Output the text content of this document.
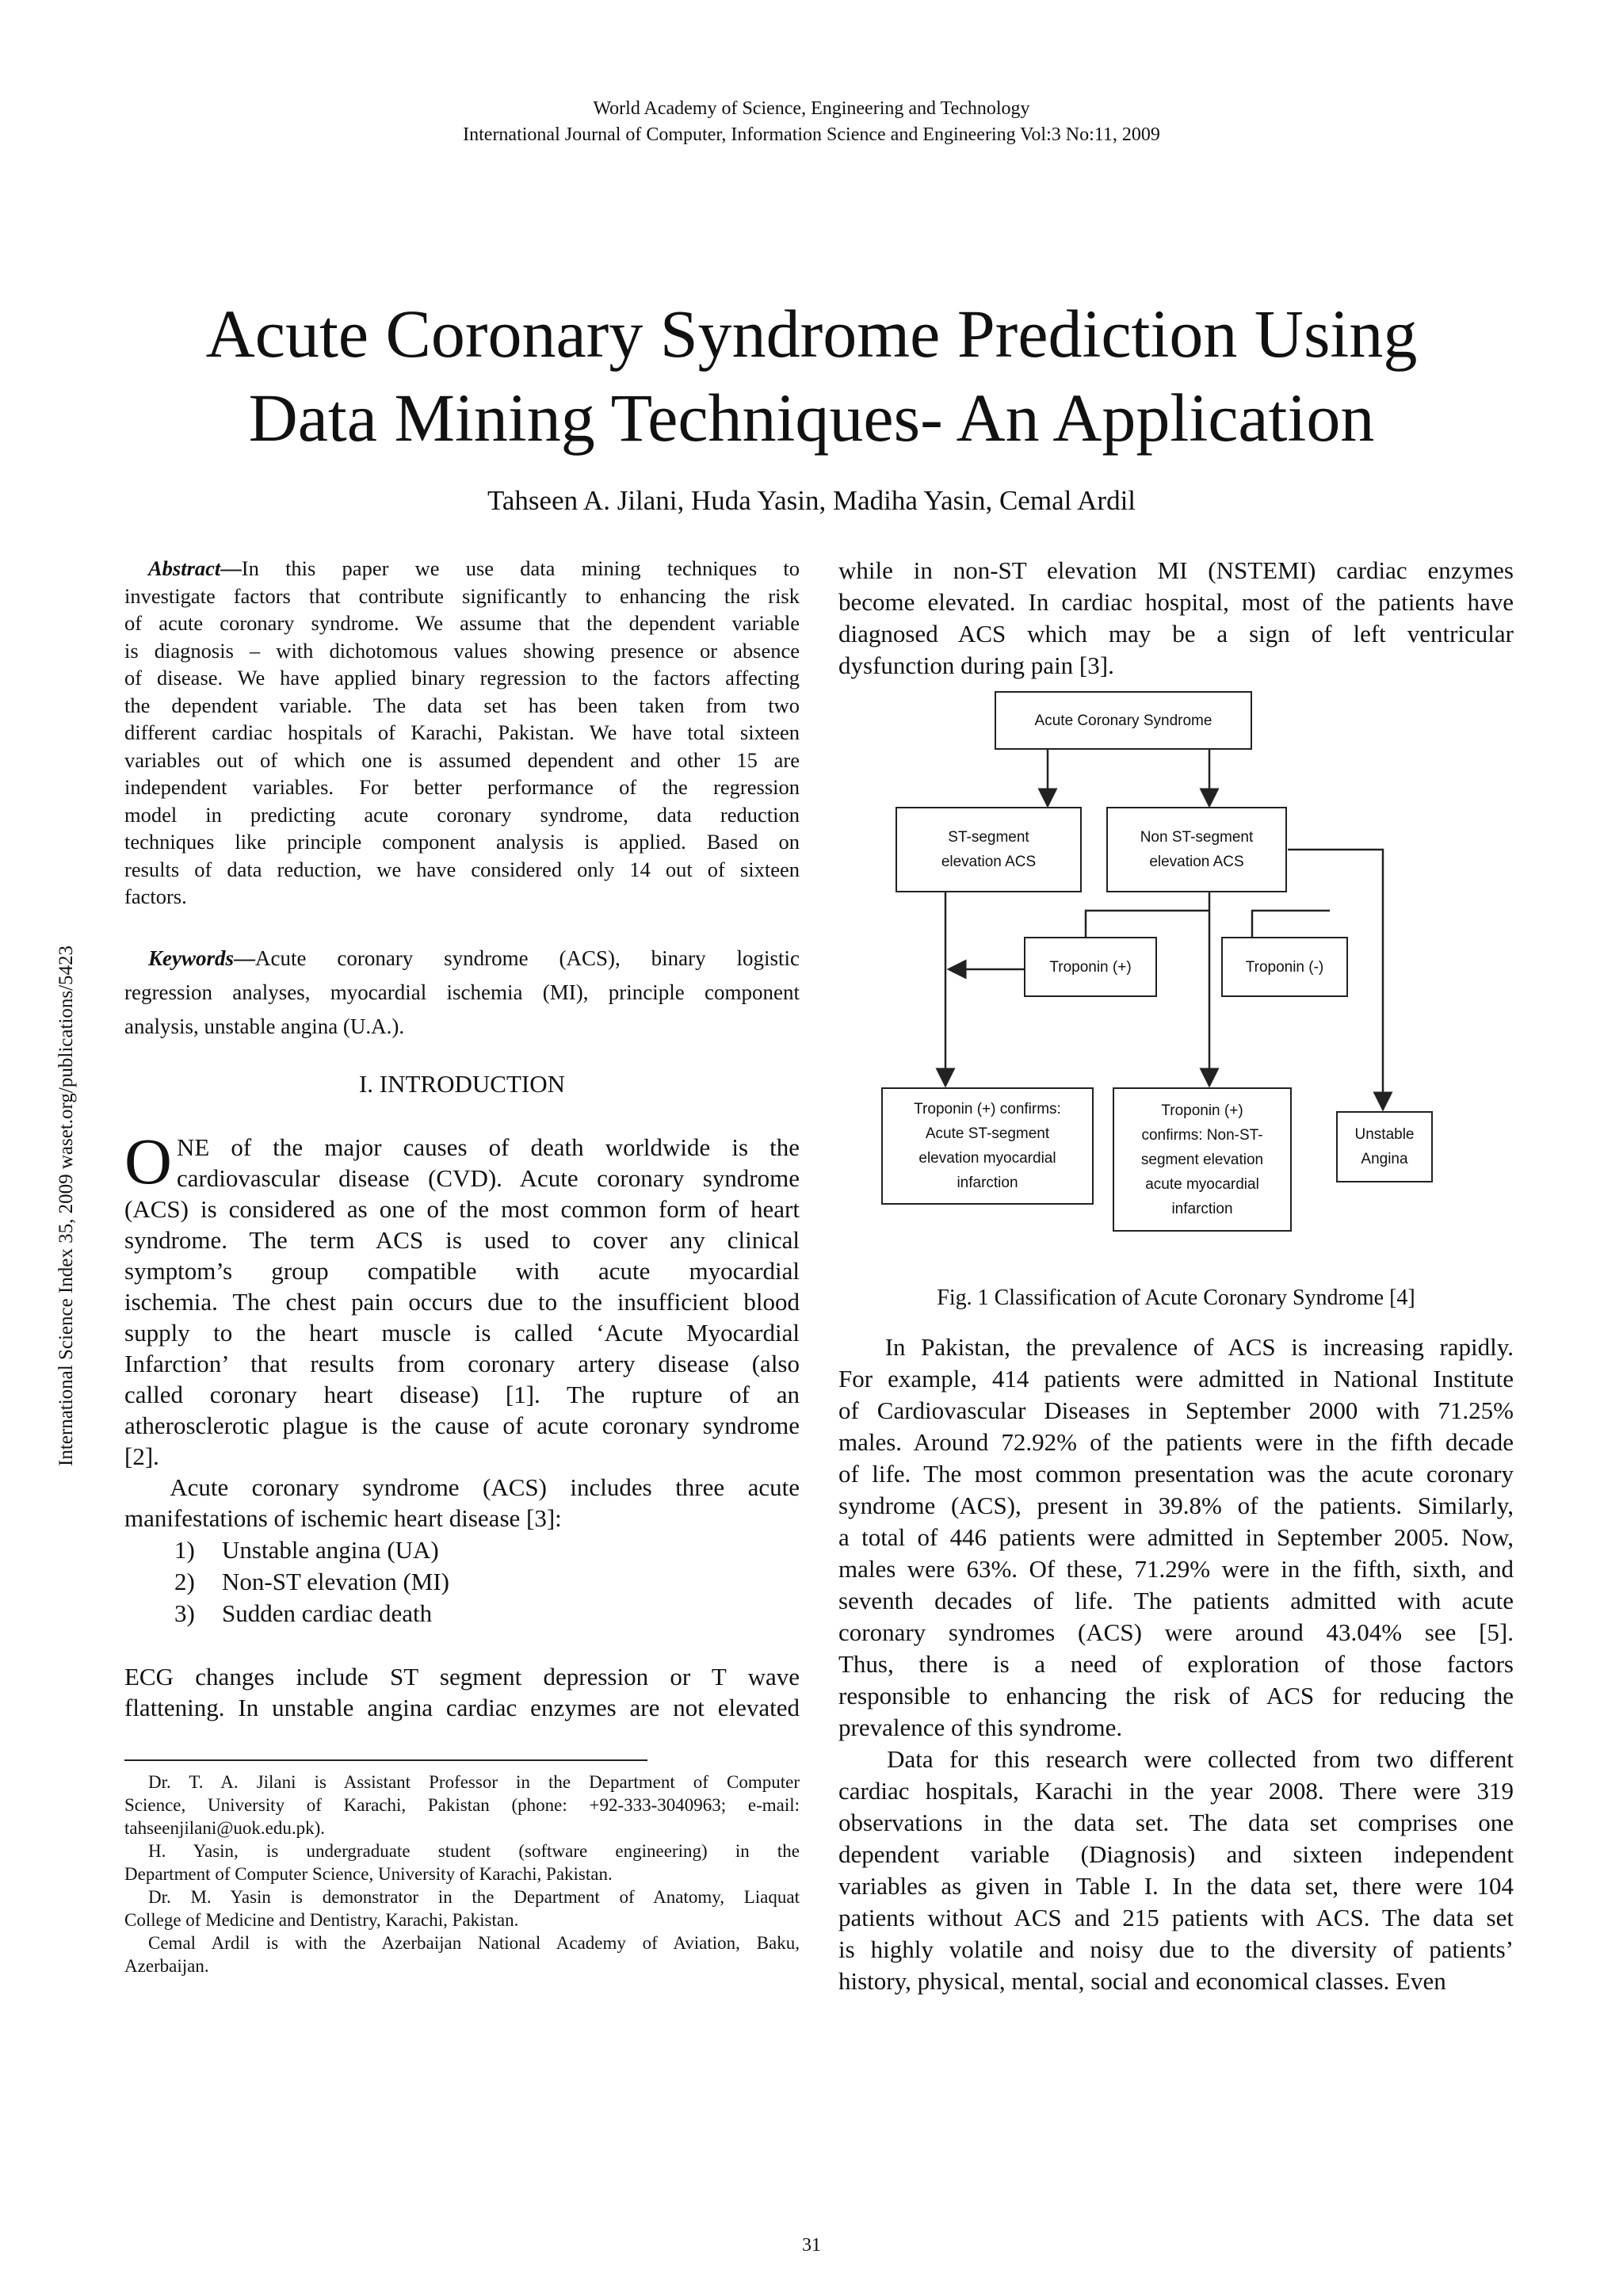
World Academy of Science, Engineering and Technology
International Journal of Computer, Information Science and Engineering Vol:3 No:11, 2009
Acute Coronary Syndrome Prediction Using
Data Mining Techniques- An Application
Tahseen A. Jilani, Huda Yasin, Madiha Yasin, Cemal Ardil
International Science Index 35, 2009 waset.org/publications/5423
Abstract—In this paper we use data mining techniques to
investigate factors that contribute significantly to enhancing the risk
of acute coronary syndrome. We assume that the dependent variable
is diagnosis – with dichotomous values showing presence or absence
of disease. We have applied binary regression to the factors affecting
the dependent variable. The data set has been taken from two
different cardiac hospitals of Karachi, Pakistan. We have total sixteen
variables out of which one is assumed dependent and other 15 are
independent variables. For better performance of the regression
model in predicting acute coronary syndrome, data reduction
techniques like principle component analysis is applied. Based on
results of data reduction, we have considered only 14 out of sixteen
factors.
Keywords—Acute coronary syndrome (ACS), binary logistic
regression analyses, myocardial ischemia (MI), principle component
analysis, unstable angina (U.A.).
I. INTRODUCTION
O NE of the major causes of death worldwide is the
cardiovascular disease (CVD). Acute coronary syndrome
(ACS) is considered as one of the most common form of heart
syndrome. The term ACS is used to cover any clinical
symptom’s group compatible with acute myocardial
ischemia. The chest pain occurs due to the insufficient blood
supply to the heart muscle is called ‘Acute Myocardial
Infarction’ that results from coronary artery disease (also
called coronary heart disease) [1]. The rupture of an
atherosclerotic plague is the cause of acute coronary syndrome
[2].
Acute coronary syndrome (ACS) includes three acute
manifestations of ischemic heart disease [3]:
1) Unstable angina (UA)
2) Non-ST elevation (MI)
3) Sudden cardiac death
ECG changes include ST segment depression or T wave
flattening. In unstable angina cardiac enzymes are not elevated
Dr. T. A. Jilani is Assistant Professor in the Department of Computer
Science, University of Karachi, Pakistan (phone: +92-333-3040963; e-mail:
tahseenjilani@uok.edu.pk).
H. Yasin, is undergraduate student (software engineering) in the
Department of Computer Science, University of Karachi, Pakistan.
Dr. M. Yasin is demonstrator in the Department of Anatomy, Liaquat
College of Medicine and Dentistry, Karachi, Pakistan.
Cemal Ardil is with the Azerbaijan National Academy of Aviation, Baku,
Azerbaijan.
while in non-ST elevation MI (NSTEMI) cardiac enzymes
become elevated. In cardiac hospital, most of the patients have
diagnosed ACS which may be a sign of left ventricular
dysfunction during pain [3].
Acute Coronary Syndrome
ST-segment
elevation ACS
Non ST-segment
elevation ACS
Troponin (+)	Troponin (-)
Troponin (+) confirms:
Acute ST-segment
elevation myocardial
infarction
Troponin (+)
confirms: Non-ST-
segment elevation
acute myocardial
infarction
Unstable
Angina
Fig. 1 Classification of Acute Coronary Syndrome [4]
In Pakistan, the prevalence of ACS is increasing rapidly.
For example, 414 patients were admitted in National Institute
of Cardiovascular Diseases in September 2000 with 71.25%
males. Around 72.92% of the patients were in the fifth decade
of life. The most common presentation was the acute coronary
syndrome (ACS), present in 39.8% of the patients. Similarly,
a total of 446 patients were admitted in September 2005. Now,
males were 63%. Of these, 71.29% were in the fifth, sixth, and
seventh decades of life. The patients admitted with acute
coronary syndromes (ACS) were around 43.04% see [5].
Thus, there is a need of exploration of those factors
responsible to enhancing the risk of ACS for reducing the
prevalence of this syndrome.
Data for this research were collected from two different
cardiac hospitals, Karachi in the year 2008. There were 319
observations in the data set. The data set comprises one
dependent variable (Diagnosis) and sixteen independent
variables as given in Table I. In the data set, there were 104
patients without ACS and 215 patients with ACS. The data set
is highly volatile and noisy due to the diversity of patients’
history, physical, mental, social and economical classes. Even
31
